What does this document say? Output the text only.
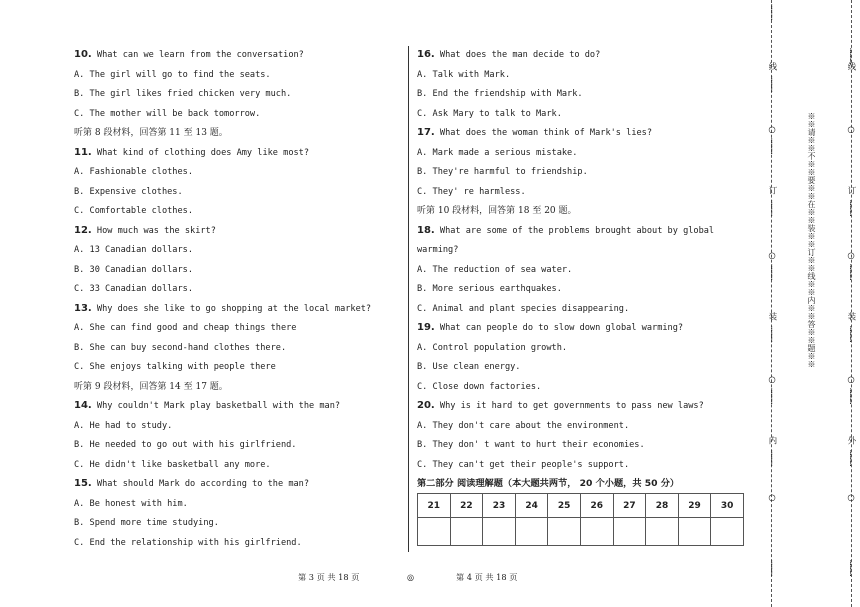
10. What can we learn from the conversation?
A. The girl will go to find the seats.
B. The girl likes fried chicken very much.
C. The mother will be back tomorrow.
听第 8 段材料，回答第 11 至 13 题。
11. What kind of clothing does Amy like most?
A. Fashionable clothes.
B. Expensive clothes.
C. Comfortable clothes.
12. How much was the skirt?
A. 13 Canadian dollars.
B. 30 Canadian dollars.
C. 33 Canadian dollars.
13. Why does she like to go shopping at the local market?
A. She can find good and cheap things there
B. She can buy second-hand clothes there.
C. She enjoys talking with people there
听第 9 段材料，回答第 14 至 17 题。
14. Why couldn't Mark play basketball with the man?
A. He had to study.
B. He needed to go out with his girlfriend.
C. He didn't like basketball any more.
15. What should Mark do according to the man?
A. Be honest with him.
B. Spend more time studying.
C. End the relationship with his girlfriend.
16. What does the man decide to do?
A. Talk with Mark.
B. End the friendship with Mark.
C. Ask Mary to talk to Mark.
17. What does the woman think of Mark's lies?
A. Mark made a serious mistake.
B. They're harmful to friendship.
C. They' re harmless.
听第 10 段材料，回答第 18 至 20 题。
18. What are some of the problems brought about by global
warming?
A. The reduction of sea water.
B. More serious earthquakes.
C. Animal and plant species disappearing.
19. What can people do to slow down global warming?
A. Control population growth.
B. Use clean energy.
C. Close down factories.
20. Why is it hard to get governments to pass new laws?
A. They don't care about the environment.
B. They don' t want to hurt their economies.
C. They can't get their people's support.
第二部分 阅读理解题（本大题共两节， 20 个小题，共 50 分）
21	22	23	24	25	26	27	28	29	30

第 3 页 共 18 页	◎	第 4 页 共 18 页
…………
线
…………
○
…………
订
…………
○
…………
装
…………
○
…………
内
…………
○
…………
※※请※※不※※要※※在※※装※※订※※线※※内※※答※※题※※
…………
订
…………
○
…………
装
…………
○
…………
外
…………
○
线
○
…………
